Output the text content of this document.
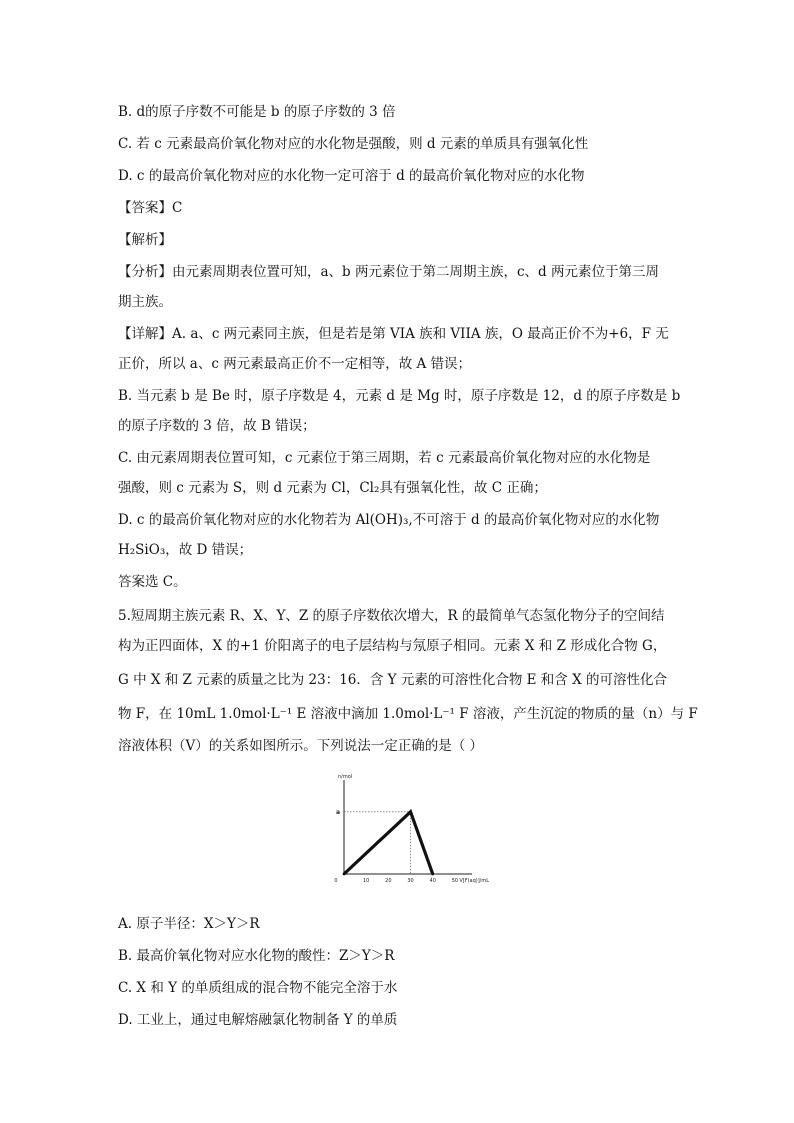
B. d的原子序数不可能是 b 的原子序数的 3 倍
C. 若 c 元素最高价氧化物对应的水化物是强酸，则 d 元素的单质具有强氧化性
D. c 的最高价氧化物对应的水化物一定可溶于 d 的最高价氧化物对应的水化物
【答案】C
【解析】
【分析】由元素周期表位置可知，a、b 两元素位于第二周期主族，c、d 两元素位于第三周
期主族。
【详解】A. a、c 两元素同主族，但是若是第 VIA 族和 VIIA 族，O 最高正价不为+6，F 无
正价，所以 a、c 两元素最高正价不一定相等，故 A 错误；
B. 当元素 b 是 Be 时，原子序数是 4，元素 d 是 Mg 时，原子序数是 12，d 的原子序数是 b
的原子序数的 3 倍，故 B 错误；
C. 由元素周期表位置可知，c 元素位于第三周期，若 c 元素最高价氧化物对应的水化物是
强酸，则 c 元素为 S，则 d 元素为 Cl，Cl₂具有强氧化性，故 C 正确；
D. c 的最高价氧化物对应的水化物若为 Al(OH)₃,不可溶于 d 的最高价氧化物对应的水化物
H₂SiO₃，故 D 错误；
答案选 C。
5.短周期主族元素 R、X、Y、Z 的原子序数依次增大，R 的最简单气态氢化物分子的空间结
构为正四面体，X 的+1 价阳离子的电子层结构与氖原子相同。元素 X 和 Z 形成化合物 G，
G 中 X 和 Z 元素的质量之比为 23：16．含 Y 元素的可溶性化合物 E 和含 X 的可溶性化合
物 F，在 10mL 1.0mol·L⁻¹ E 溶液中滴加 1.0mol·L⁻¹ F 溶液，产生沉淀的物质的量（n）与 F
溶液体积（V）的关系如图所示。下列说法一定正确的是（ ）
A. 原子半径：X＞Y＞R
B. 最高价氧化物对应水化物的酸性：Z＞Y＞R
C. X 和 Y 的单质组成的混合物不能完全溶于水
D. 工业上，通过电解熔融氯化物制备 Y 的单质
n/mol
V[F(aq)]/mL
0	10	20	30	40	50
a
